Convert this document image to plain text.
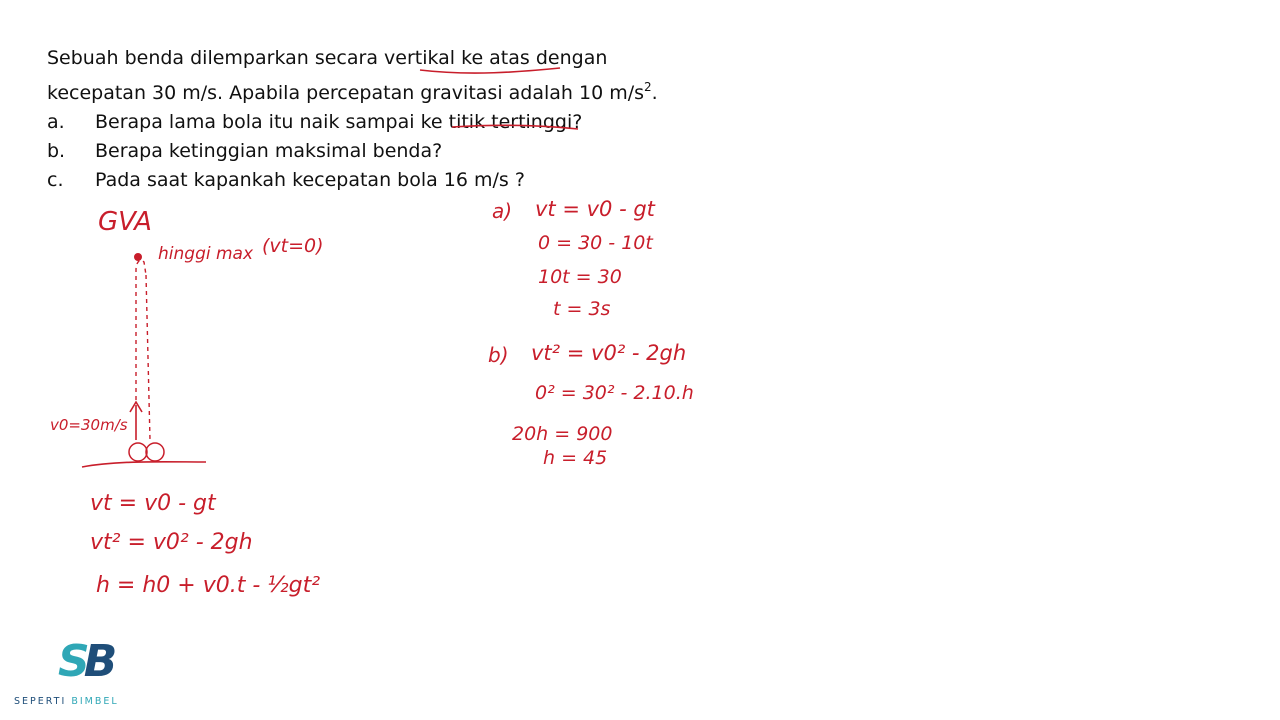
Sebuah benda dilemparkan secara vertikal ke atas dengan

kecepatan 30 m/s. Apabila percepatan gravitasi adalah 10 $m/s^2$.

a.	Berapa lama bola itu naik sampai ke titik tertinggi?

b.	Berapa ketinggian maksimal benda?

c.	Pada saat kapankah kecepatan bola 16 m/s ?

GVA
hinggi max (vt=0)
v0=30m/s
vt = v0 - gt
vt² = v0² - 2gh
h = h0 + v0.t - ½gt²
a) vt = v0 - gt
0 = 30 - 10t
10t = 30
t = 3s
b) vt² = v0² - 2gh
0² = 30² - 2.10.h
20h = 900
h = 45
SB
SEPERTI BIMBEL
